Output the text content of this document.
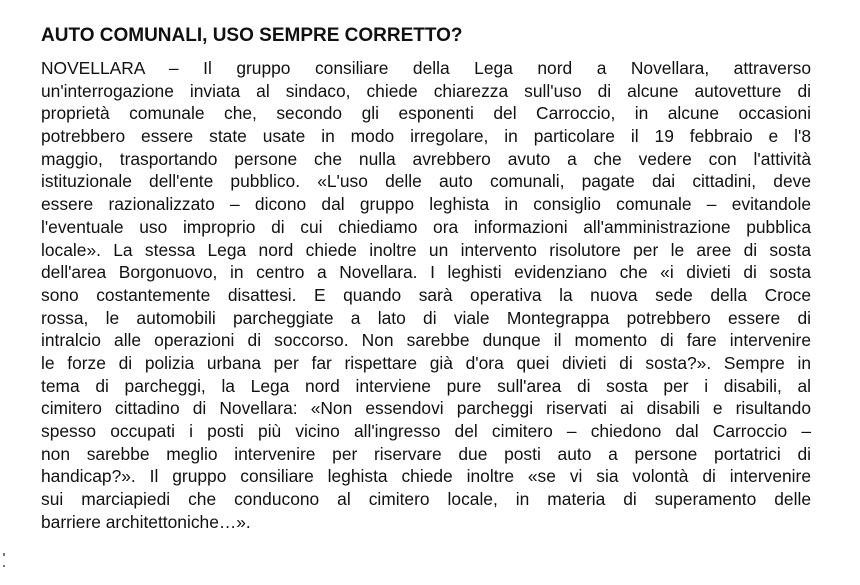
AUTO COMUNALI, USO SEMPRE CORRETTO?
NOVELLARA – Il gruppo consiliare della Lega nord a Novellara, attraverso
un'interrogazione inviata al sindaco, chiede chiarezza sull'uso di alcune autovetture di
proprietà comunale che, secondo gli esponenti del Carroccio, in alcune occasioni
potrebbero essere state usate in modo irregolare, in particolare il 19 febbraio e l'8
maggio, trasportando persone che nulla avrebbero avuto a che vedere con l'attività
istituzionale dell'ente pubblico. «L'uso delle auto comunali, pagate dai cittadini, deve
essere razionalizzato – dicono dal gruppo leghista in consiglio comunale – evitandole
l'eventuale uso improprio di cui chiediamo ora informazioni all'amministrazione pubblica
locale». La stessa Lega nord chiede inoltre un intervento risolutore per le aree di sosta
dell'area Borgonuovo, in centro a Novellara. I leghisti evidenziano che «i divieti di sosta
sono costantemente disattesi. E quando sarà operativa la nuova sede della Croce
rossa, le automobili parcheggiate a lato di viale Montegrappa potrebbero essere di
intralcio alle operazioni di soccorso. Non sarebbe dunque il momento di fare intervenire
le forze di polizia urbana per far rispettare già d'ora quei divieti di sosta?». Sempre in
tema di parcheggi, la Lega nord interviene pure sull'area di sosta per i disabili, al
cimitero cittadino di Novellara: «Non essendovi parcheggi riservati ai disabili e risultando
spesso occupati i posti più vicino all'ingresso del cimitero – chiedono dal Carroccio –
non sarebbe meglio intervenire per riservare due posti auto a persone portatrici di
handicap?». Il gruppo consiliare leghista chiede inoltre «se vi sia volontà di intervenire
sui marciapiedi che conducono al cimitero locale, in materia di superamento delle
barriere architettoniche…».
